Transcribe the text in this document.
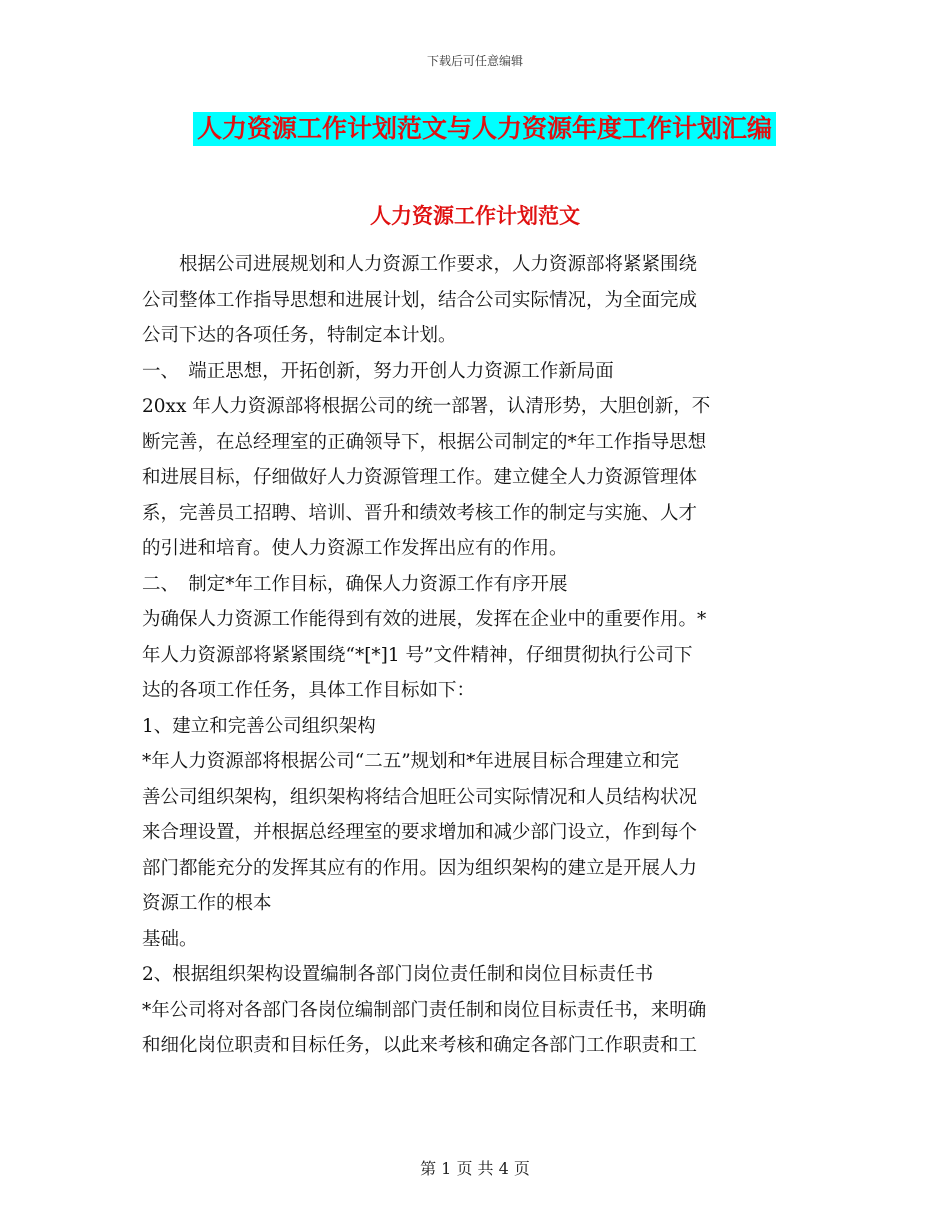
下载后可任意编辑
人力资源工作计划范文与人力资源年度工作计划汇编
人力资源工作计划范文
　　根据公司进展规划和人力资源工作要求，人力资源部将紧紧围绕
公司整体工作指导思想和进展计划，结合公司实际情况，为全面完成
公司下达的各项任务，特制定本计划。
一、　端正思想，开拓创新，努力开创人力资源工作新局面
20xx 年人力资源部将根据公司的统一部署，认清形势，大胆创新，不
断完善，在总经理室的正确领导下，根据公司制定的*年工作指导思想
和进展目标，仔细做好人力资源管理工作。建立健全人力资源管理体
系，完善员工招聘、培训、晋升和绩效考核工作的制定与实施、人才
的引进和培育。使人力资源工作发挥出应有的作用。
二、　制定*年工作目标，确保人力资源工作有序开展
为确保人力资源工作能得到有效的进展，发挥在企业中的重要作用。*
年人力资源部将紧紧围绕“*[*]1 号”文件精神，仔细贯彻执行公司下
达的各项工作任务，具体工作目标如下：
1、建立和完善公司组织架构
*年人力资源部将根据公司“二五”规划和*年进展目标合理建立和完
善公司组织架构，组织架构将结合旭旺公司实际情况和人员结构状况
来合理设置，并根据总经理室的要求增加和减少部门设立，作到每个
部门都能充分的发挥其应有的作用。因为组织架构的建立是开展人力
资源工作的根本
基础。
2、根据组织架构设置编制各部门岗位责任制和岗位目标责任书
*年公司将对各部门各岗位编制部门责任制和岗位目标责任书，来明确
和细化岗位职责和目标任务，以此来考核和确定各部门工作职责和工
第 1 页 共 4 页
